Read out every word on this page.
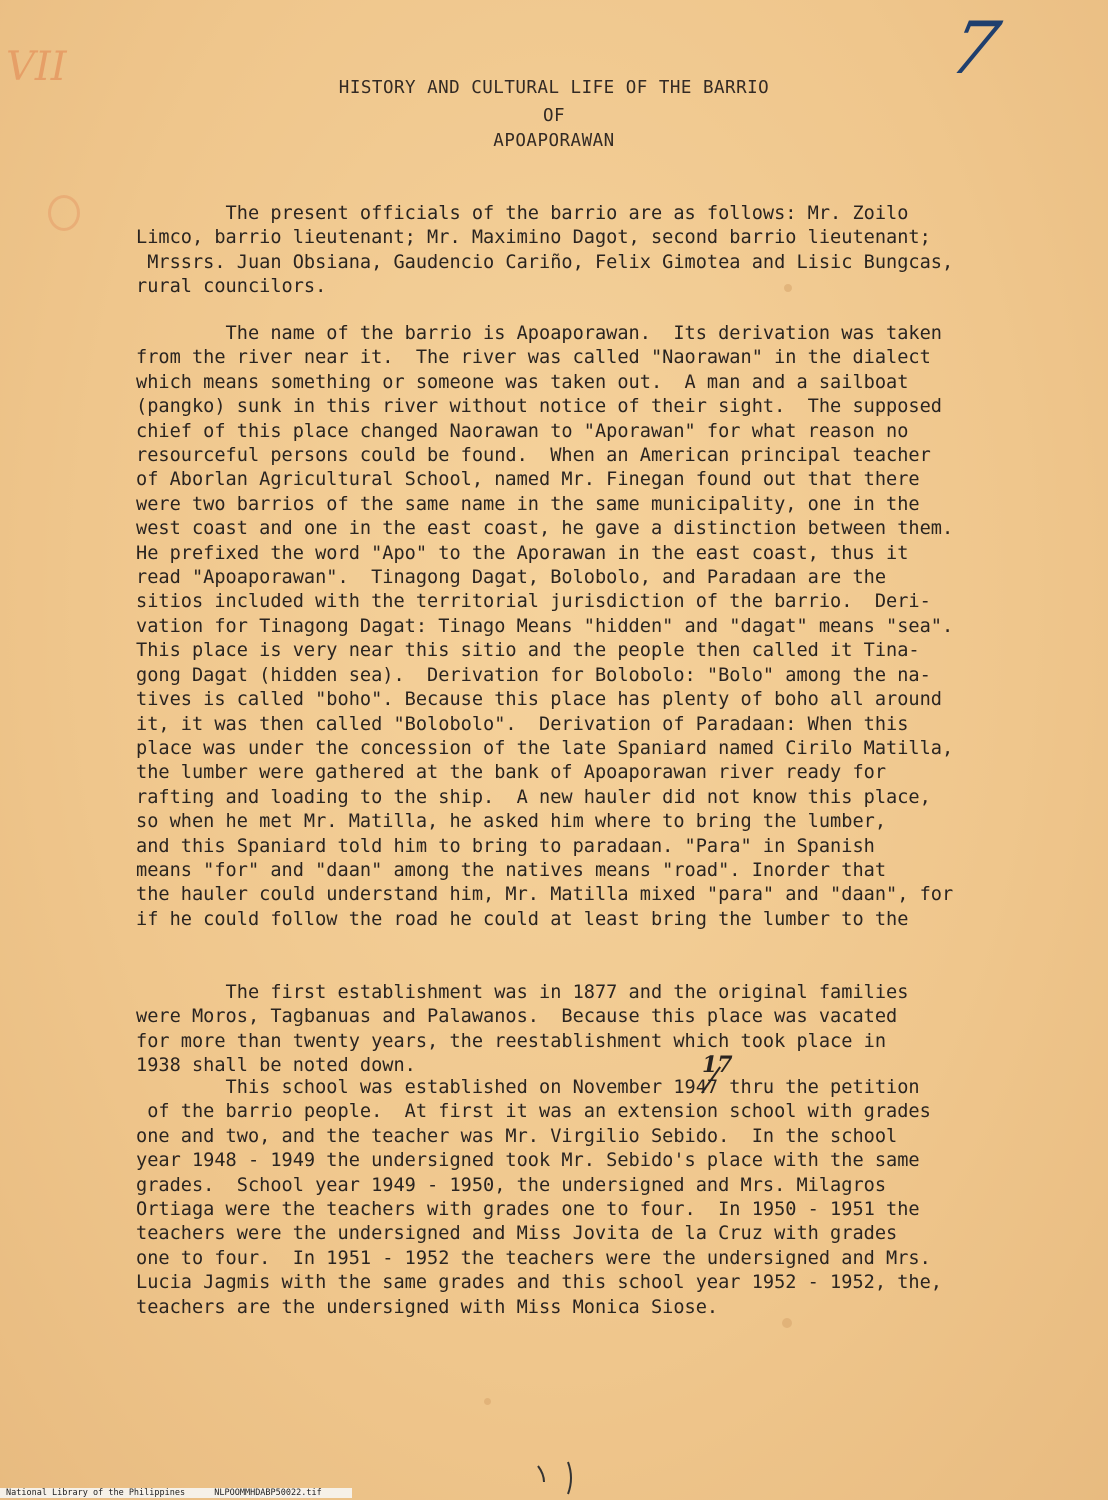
VII	7
HISTORY AND CULTURAL LIFE OF THE BARRIO
OF
APOAPORAWAN

The present officials of the barrio are as follows: Mr. Zoilo
Limco, barrio lieutenant; Mr. Maximino Dagot, second barrio lieutenant;
Mrssrs. Juan Obsiana, Gaudencio Cariño, Felix Gimotea and Lisic Bungcas,
rural councilors.

The name of the barrio is Apoaporawan.  Its derivation was taken
from the river near it.  The river was called "Naorawan" in the dialect
which means something or someone was taken out.  A man and a sailboat
(pangko) sunk in this river without notice of their sight.  The supposed
chief of this place changed Naorawan to "Aporawan" for what reason no
resourceful persons could be found.  When an American principal teacher
of Aborlan Agricultural School, named Mr. Finegan found out that there
were two barrios of the same name in the same municipality, one in the
west coast and one in the east coast, he gave a distinction between them.
He prefixed the word "Apo" to the Aporawan in the east coast, thus it
read "Apoaporawan".  Tinagong Dagat, Bolobolo, and Paradaan are the
sitios included with the territorial jurisdiction of the barrio.  Deri-
vation for Tinagong Dagat: Tinago Means "hidden" and "dagat" means "sea".
This place is very near this sitio and the people then called it Tina-
gong Dagat (hidden sea).  Derivation for Bolobolo: "Bolo" among the na-
tives is called "boho". Because this place has plenty of boho all around
it, it was then called "Bolobolo".  Derivation of Paradaan: When this
place was under the concession of the late Spaniard named Cirilo Matilla,
the lumber were gathered at the bank of Apoaporawan river ready for
rafting and loading to the ship.  A new hauler did not know this place,
so when he met Mr. Matilla, he asked him where to bring the lumber,
and this Spaniard told him to bring to paradaan. "Para" in Spanish
means "for" and "daan" among the natives means "road". Inorder that
the hauler could understand him, Mr. Matilla mixed "para" and "daan", for
if he could follow the road he could at least bring the lumber to the

The first establishment was in 1877 and the original families
were Moros, Tagbanuas and Palawanos.  Because this place was vacated
for more than twenty years, the reestablishment which took place in
1938 shall be noted down.	17

This school was established on November 1947 thru the petition
of the barrio people.  At first it was an extension school with grades
one and two, and the teacher was Mr. Virgilio Sebido.  In the school
year 1948 - 1949 the undersigned took Mr. Sebido's place with the same
grades.  School year 1949 - 1950, the undersigned and Mrs. Milagros
Ortiaga were the teachers with grades one to four.  In 1950 - 1951 the
teachers were the undersigned and Miss Jovita de la Cruz with grades
one to four.  In 1951 - 1952 the teachers were the undersigned and Mrs.
Lucia Jagmis with the same grades and this school year 1952 - 1952, the,
teachers are the undersigned with Miss Monica Siose.

National Library of the Philippines	NLPOOMMHDABP50022.tif
